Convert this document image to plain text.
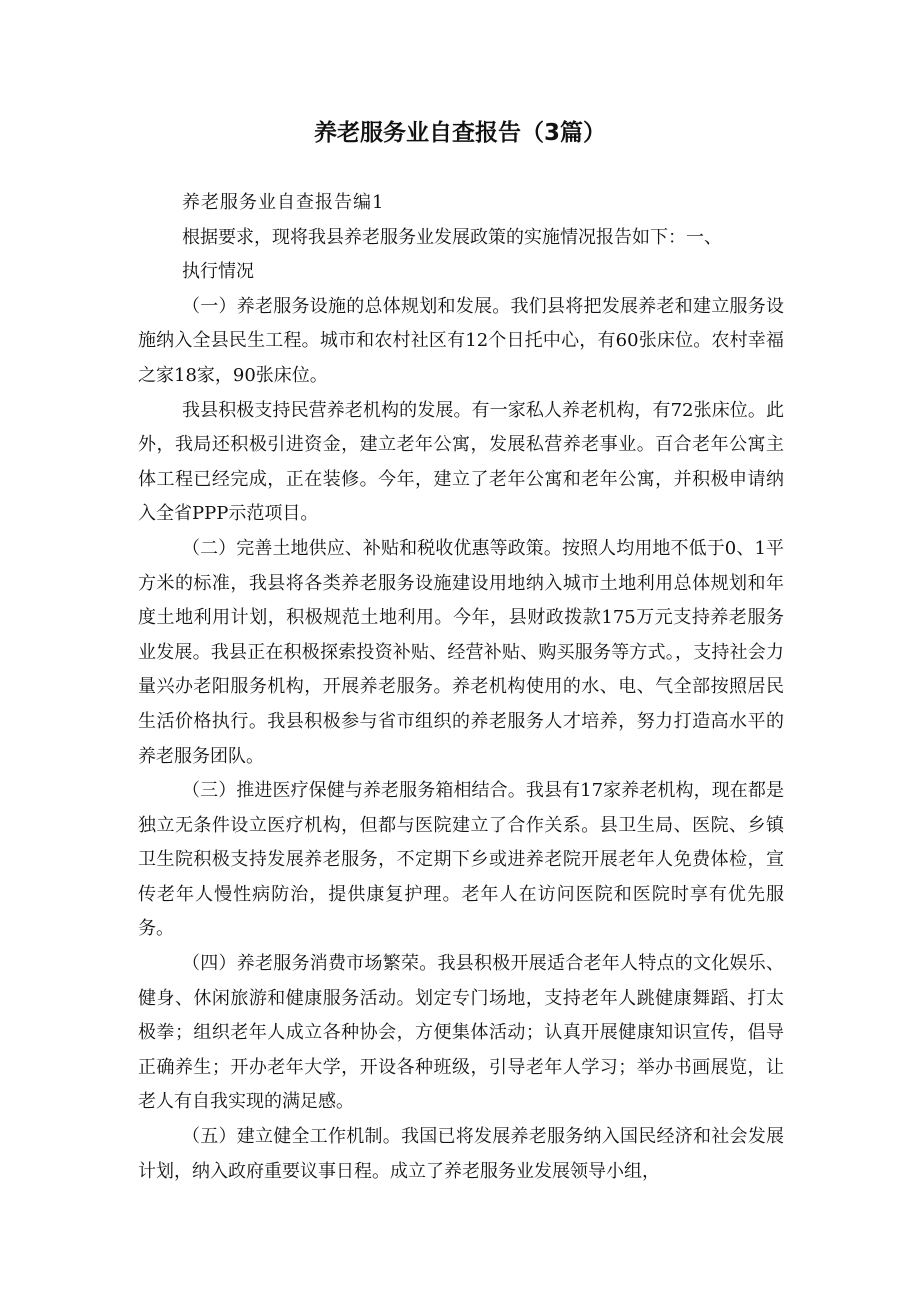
养老服务业自查报告（3篇）

养老服务业自查报告编1

根据要求，现将我县养老服务业发展政策的实施情况报告如下：一、

执行情况

（一）养老服务设施的总体规划和发展。我们县将把发展养老和建立服务设施纳入全县民生工程。城市和农村社区有12个日托中心，有60张床位。农村幸福之家18家，90张床位。

我县积极支持民营养老机构的发展。有一家私人养老机构，有72张床位。此外，我局还积极引进资金，建立老年公寓，发展私营养老事业。百合老年公寓主体工程已经完成，正在装修。今年，建立了老年公寓和老年公寓，并积极申请纳入全省PPP示范项目。

（二）完善土地供应、补贴和税收优惠等政策。按照人均用地不低于0、1平方米的标准，我县将各类养老服务设施建设用地纳入城市土地利用总体规划和年度土地利用计划，积极规范土地利用。今年，县财政拨款175万元支持养老服务业发展。我县正在积极探索投资补贴、经营补贴、购买服务等方式。，支持社会力量兴办老阳服务机构，开展养老服务。养老机构使用的水、电、气全部按照居民生活价格执行。我县积极参与省市组织的养老服务人才培养，努力打造高水平的养老服务团队。

（三）推进医疗保健与养老服务箱相结合。我县有17家养老机构，现在都是独立无条件设立医疗机构，但都与医院建立了合作关系。县卫生局、医院、乡镇卫生院积极支持发展养老服务，不定期下乡或进养老院开展老年人免费体检，宣传老年人慢性病防治，提供康复护理。老年人在访问医院和医院时享有优先服务。

（四）养老服务消费市场繁荣。我县积极开展适合老年人特点的文化娱乐、健身、休闲旅游和健康服务活动。划定专门场地，支持老年人跳健康舞蹈、打太极拳；组织老年人成立各种协会，方便集体活动；认真开展健康知识宣传，倡导正确养生；开办老年大学，开设各种班级，引导老年人学习；举办书画展览，让老人有自我实现的满足感。

（五）建立健全工作机制。我国已将发展养老服务纳入国民经济和社会发展计划，纳入政府重要议事日程。成立了养老服务业发展领导小组，
